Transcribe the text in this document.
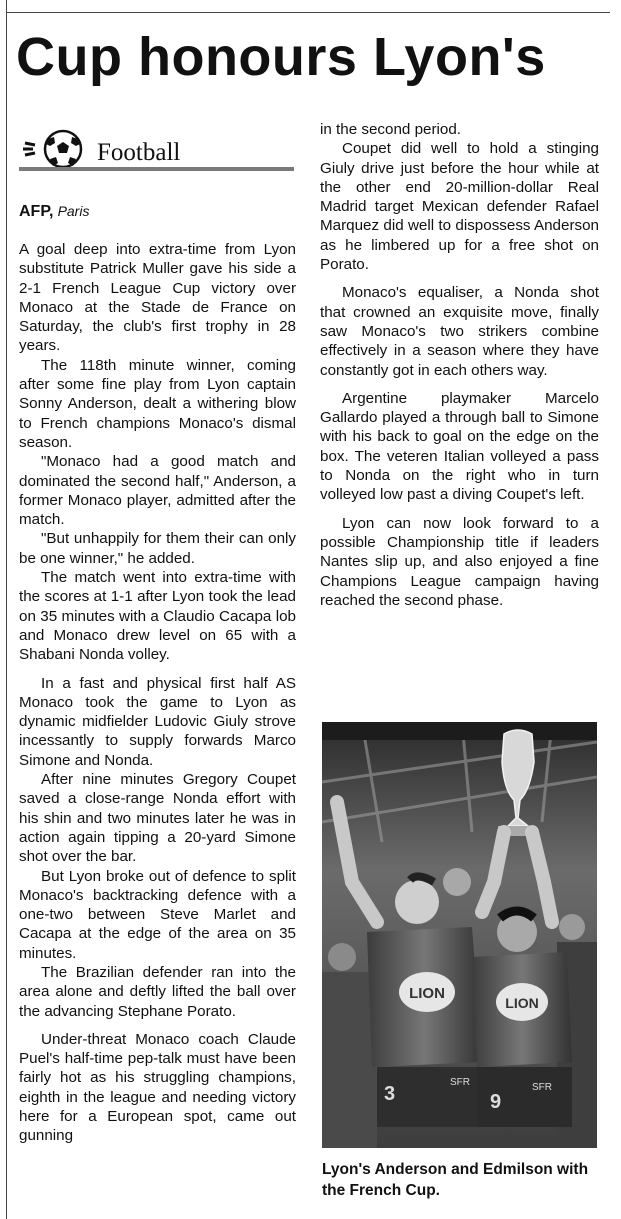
Cup honours Lyon's
Football
AFP, Paris

A goal deep into extra-time from Lyon substitute Patrick Muller gave his side a 2-1 French League Cup victory over Monaco at the Stade de France on Saturday, the club's first trophy in 28 years.

The 118th minute winner, coming after some fine play from Lyon captain Sonny Anderson, dealt a withering blow to French champions Monaco's dismal season.

"Monaco had a good match and dominated the second half," Anderson, a former Monaco player, admitted after the match.

"But unhappily for them their can only be one winner," he added.

The match went into extra-time with the scores at 1-1 after Lyon took the lead on 35 minutes with a Claudio Cacapa lob and Monaco drew level on 65 with a Shabani Nonda volley.

In a fast and physical first half AS Monaco took the game to Lyon as dynamic midfielder Ludovic Giuly strove incessantly to supply forwards Marco Simone and Nonda.

After nine minutes Gregory Coupet saved a close-range Nonda effort with his shin and two minutes later he was in action again tipping a 20-yard Simone shot over the bar.

But Lyon broke out of defence to split Monaco's backtracking defence with a one-two between Steve Marlet and Cacapa at the edge of the area on 35 minutes.

The Brazilian defender ran into the area alone and deftly lifted the ball over the advancing Stephane Porato.

Under-threat Monaco coach Claude Puel's half-time pep-talk must have been fairly hot as his struggling champions, eighth in the league and needing victory here for a European spot, came out gunning

in the second period.

Coupet did well to hold a stinging Giuly drive just before the hour while at the other end 20-million-dollar Real Madrid target Mexican defender Rafael Marquez did well to dispossess Anderson as he limbered up for a free shot on Porato.

Monaco's equaliser, a Nonda shot that crowned an exquisite move, finally saw Monaco's two strikers combine effectively in a season where they have constantly got in each others way.

Argentine playmaker Marcelo Gallardo played a through ball to Simone with his back to goal on the edge on the box. The veteren Italian volleyed a pass to Nonda on the right who in turn volleyed low past a diving Coupet's left.

Lyon can now look forward to a possible Championship title if leaders Nantes slip up, and also enjoyed a fine Champions League campaign having reached the second phase.

LION
LION
SFR	SFR
3	9
Lyon's Anderson and Edmilson with the French Cup.
